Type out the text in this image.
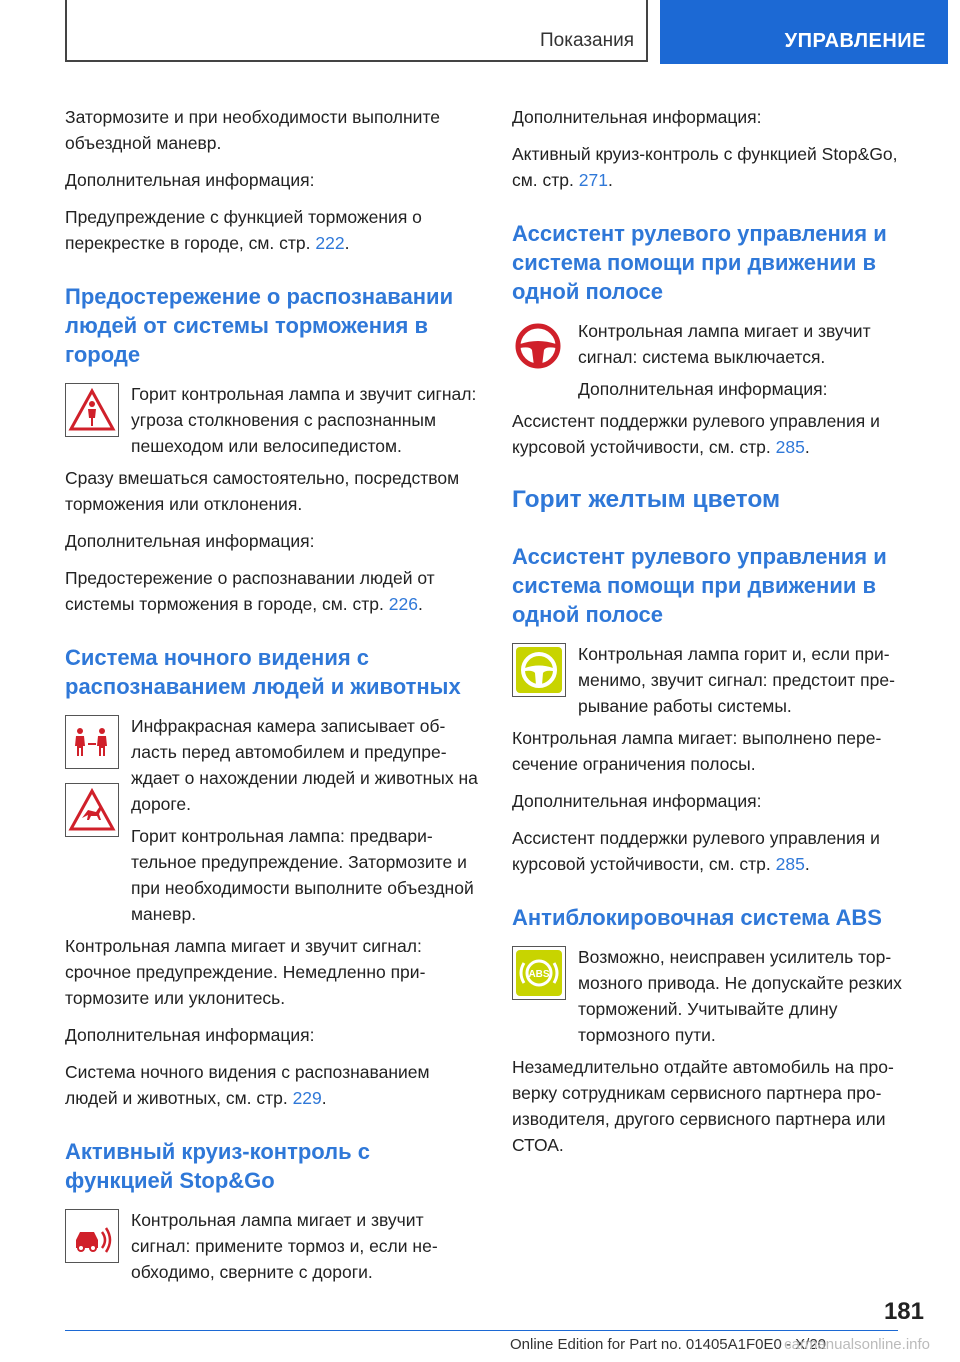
Показания	УПРАВЛЕНИЕ

Затормозите и при необходимости выполните объездной маневр.

Дополнительная информация:

Предупреждение с функцией торможения о перекрестке в городе, см. стр. 222.

Предостережение о распознавании людей от системы торможения в городе

Горит контрольная лампа и звучит сигнал: угроза столкновения с распознанным пешеходом или велосипедистом.

Сразу вмешаться самостоятельно, посредством торможения или отклонения.

Дополнительная информация:

Предостережение о распознавании людей от системы торможения в городе, см. стр. 226.

Система ночного видения с распознаванием людей и животных

Инфракрасная камера записывает область перед автомобилем и предупреждает о нахождении людей и животных на дороге.

Горит контрольная лампа: предварительное предупреждение. Затормозите и при необходимости выполните объездной маневр.

Контрольная лампа мигает и звучит сигнал: срочное предупреждение. Немедленно притормозите или уклонитесь.

Дополнительная информация:

Система ночного видения с распознаванием людей и животных, см. стр. 229.

Активный круиз-контроль с функцией Stop&Go

Контрольная лампа мигает и звучит сигнал: примените тормоз и, если необходимо, сверните с дороги.

Дополнительная информация:

Активный круиз-контроль с функцией Stop&Go, см. стр. 271.

Ассистент рулевого управления и система помощи при движении в одной полосе

Контрольная лампа мигает и звучит сигнал: система выключается.

Дополнительная информация:

Ассистент поддержки рулевого управления и курсовой устойчивости, см. стр. 285.

Горит желтым цветом
Ассистент рулевого управления и система помощи при движении в одной полосе

Контрольная лампа горит и, если применимо, звучит сигнал: предстоит прерывание работы системы.

Контрольная лампа мигает: выполнено пересечение ограничения полосы.

Дополнительная информация:

Ассистент поддержки рулевого управления и курсовой устойчивости, см. стр. 285.

Антиблокировочная система ABS
ABS

Возможно, неисправен усилитель тормозного привода. Не допускайте резких торможений. Учитывайте длину тормозного пути.

Незамедлительно отдайте автомобиль на проверку сотрудникам сервисного партнера производителя, другого сервисного партнера или СТОА.

181
Online Edition for Part no. 01405A1F0E0 - X/20
carmanualsonline.info
